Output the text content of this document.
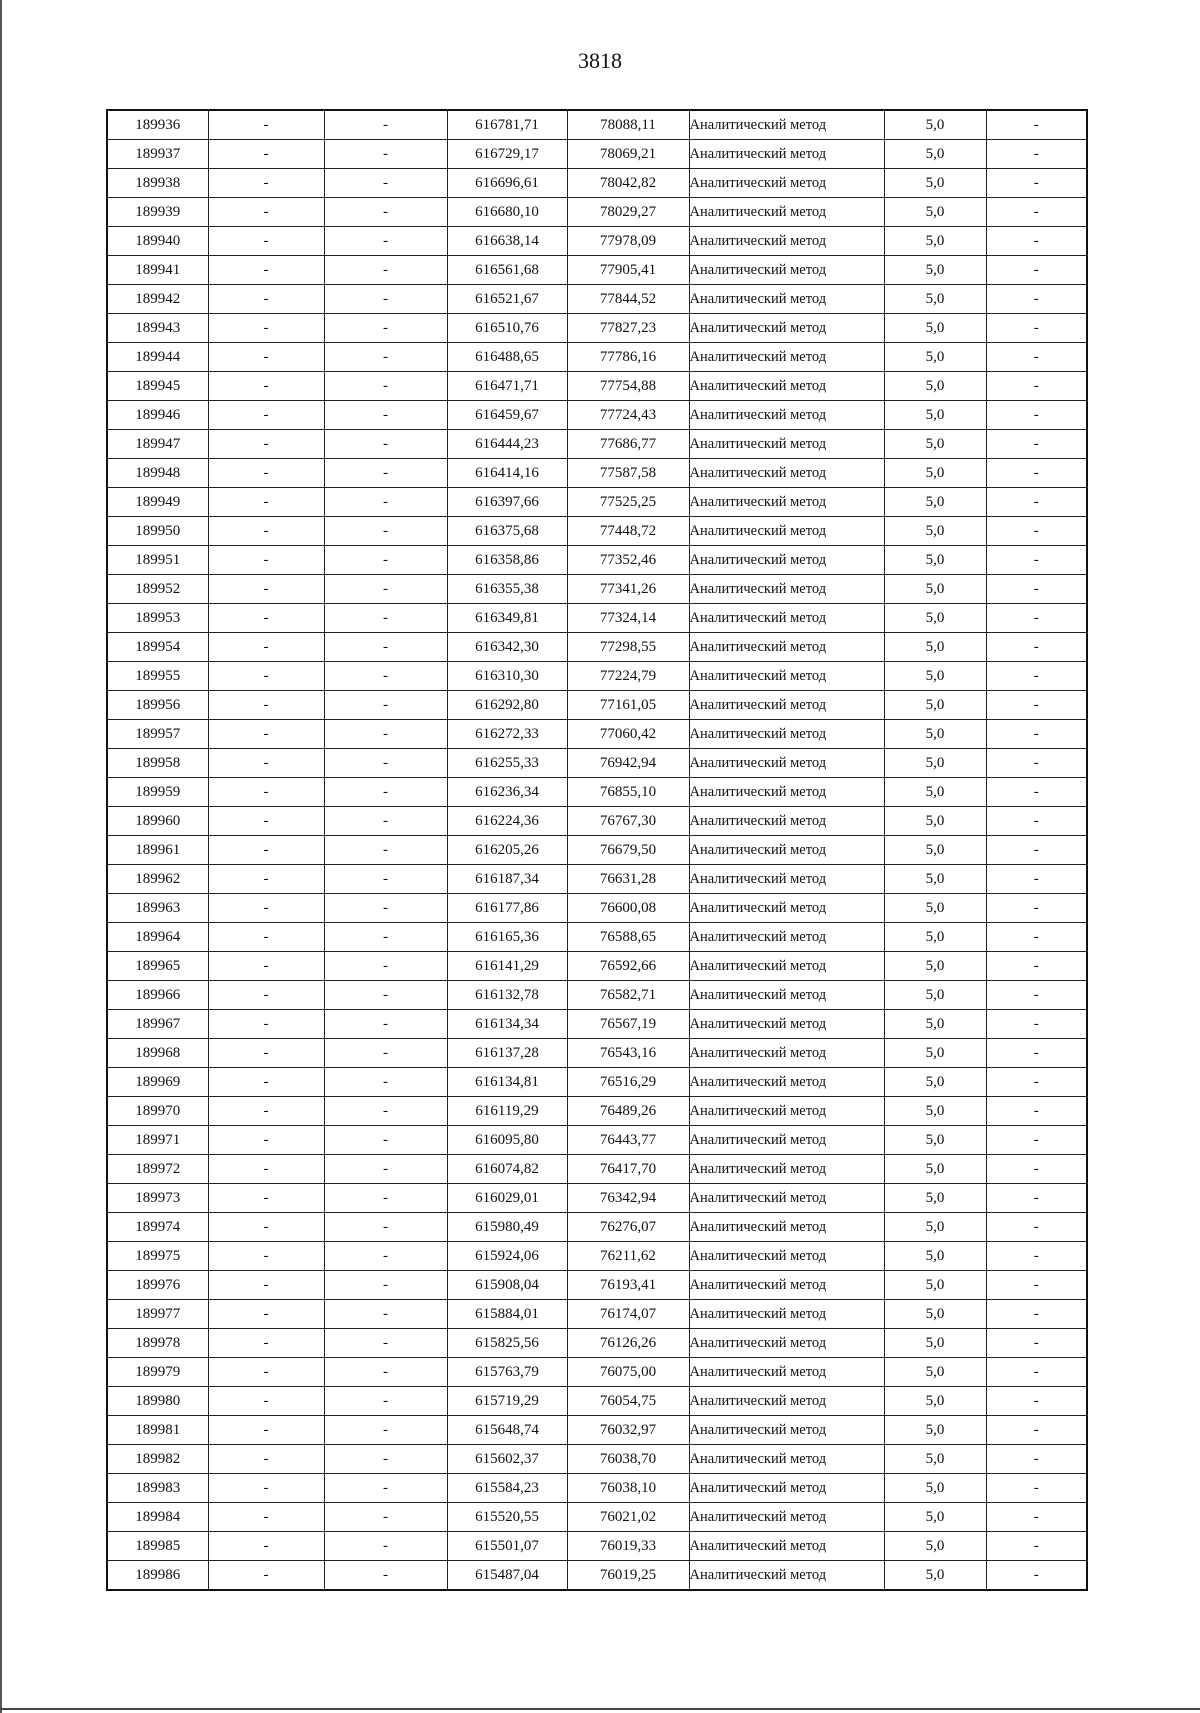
3818
189936	-	-	616781,71	78088,11	Аналитический метод	5,0	-
189937	-	-	616729,17	78069,21	Аналитический метод	5,0	-
189938	-	-	616696,61	78042,82	Аналитический метод	5,0	-
189939	-	-	616680,10	78029,27	Аналитический метод	5,0	-
189940	-	-	616638,14	77978,09	Аналитический метод	5,0	-
189941	-	-	616561,68	77905,41	Аналитический метод	5,0	-
189942	-	-	616521,67	77844,52	Аналитический метод	5,0	-
189943	-	-	616510,76	77827,23	Аналитический метод	5,0	-
189944	-	-	616488,65	77786,16	Аналитический метод	5,0	-
189945	-	-	616471,71	77754,88	Аналитический метод	5,0	-
189946	-	-	616459,67	77724,43	Аналитический метод	5,0	-
189947	-	-	616444,23	77686,77	Аналитический метод	5,0	-
189948	-	-	616414,16	77587,58	Аналитический метод	5,0	-
189949	-	-	616397,66	77525,25	Аналитический метод	5,0	-
189950	-	-	616375,68	77448,72	Аналитический метод	5,0	-
189951	-	-	616358,86	77352,46	Аналитический метод	5,0	-
189952	-	-	616355,38	77341,26	Аналитический метод	5,0	-
189953	-	-	616349,81	77324,14	Аналитический метод	5,0	-
189954	-	-	616342,30	77298,55	Аналитический метод	5,0	-
189955	-	-	616310,30	77224,79	Аналитический метод	5,0	-
189956	-	-	616292,80	77161,05	Аналитический метод	5,0	-
189957	-	-	616272,33	77060,42	Аналитический метод	5,0	-
189958	-	-	616255,33	76942,94	Аналитический метод	5,0	-
189959	-	-	616236,34	76855,10	Аналитический метод	5,0	-
189960	-	-	616224,36	76767,30	Аналитический метод	5,0	-
189961	-	-	616205,26	76679,50	Аналитический метод	5,0	-
189962	-	-	616187,34	76631,28	Аналитический метод	5,0	-
189963	-	-	616177,86	76600,08	Аналитический метод	5,0	-
189964	-	-	616165,36	76588,65	Аналитический метод	5,0	-
189965	-	-	616141,29	76592,66	Аналитический метод	5,0	-
189966	-	-	616132,78	76582,71	Аналитический метод	5,0	-
189967	-	-	616134,34	76567,19	Аналитический метод	5,0	-
189968	-	-	616137,28	76543,16	Аналитический метод	5,0	-
189969	-	-	616134,81	76516,29	Аналитический метод	5,0	-
189970	-	-	616119,29	76489,26	Аналитический метод	5,0	-
189971	-	-	616095,80	76443,77	Аналитический метод	5,0	-
189972	-	-	616074,82	76417,70	Аналитический метод	5,0	-
189973	-	-	616029,01	76342,94	Аналитический метод	5,0	-
189974	-	-	615980,49	76276,07	Аналитический метод	5,0	-
189975	-	-	615924,06	76211,62	Аналитический метод	5,0	-
189976	-	-	615908,04	76193,41	Аналитический метод	5,0	-
189977	-	-	615884,01	76174,07	Аналитический метод	5,0	-
189978	-	-	615825,56	76126,26	Аналитический метод	5,0	-
189979	-	-	615763,79	76075,00	Аналитический метод	5,0	-
189980	-	-	615719,29	76054,75	Аналитический метод	5,0	-
189981	-	-	615648,74	76032,97	Аналитический метод	5,0	-
189982	-	-	615602,37	76038,70	Аналитический метод	5,0	-
189983	-	-	615584,23	76038,10	Аналитический метод	5,0	-
189984	-	-	615520,55	76021,02	Аналитический метод	5,0	-
189985	-	-	615501,07	76019,33	Аналитический метод	5,0	-
189986	-	-	615487,04	76019,25	Аналитический метод	5,0	-
